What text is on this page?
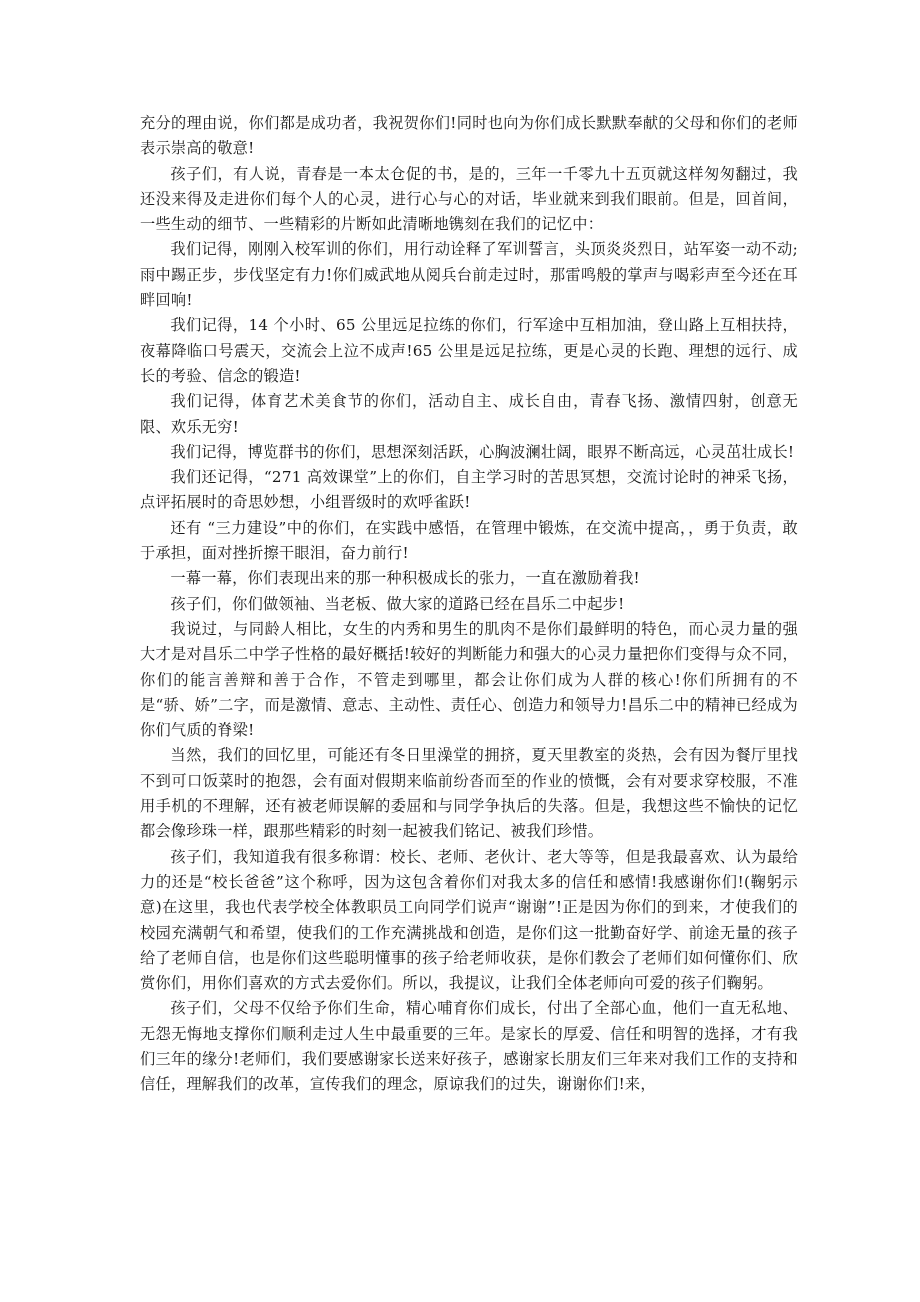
充分的理由说，你们都是成功者，我祝贺你们!同时也向为你们成长默默奉献的父母和你们的老师表示崇高的敬意!

孩子们，有人说，青春是一本太仓促的书，是的，三年一千零九十五页就这样匆匆翻过，我还没来得及走进你们每个人的心灵，进行心与心的对话，毕业就来到我们眼前。但是，回首间，一些生动的细节、一些精彩的片断如此清晰地镌刻在我们的记忆中：

我们记得，刚刚入校军训的你们，用行动诠释了军训誓言，头顶炎炎烈日，站军姿一动不动;雨中踢正步，步伐坚定有力!你们威武地从阅兵台前走过时，那雷鸣般的掌声与喝彩声至今还在耳畔回响!

我们记得，14 个小时、65 公里远足拉练的你们，行军途中互相加油，登山路上互相扶持，夜幕降临口号震天，交流会上泣不成声!65 公里是远足拉练，更是心灵的长跑、理想的远行、成长的考验、信念的锻造!

我们记得，体育艺术美食节的你们，活动自主、成长自由，青春飞扬、激情四射，创意无限、欢乐无穷!

我们记得，博览群书的你们，思想深刻活跃，心胸波澜壮阔，眼界不断高远，心灵茁壮成长!

我们还记得，“271 高效课堂”上的你们，自主学习时的苦思冥想，交流讨论时的神采飞扬，点评拓展时的奇思妙想，小组晋级时的欢呼雀跃!

还有 “三力建设”中的你们，在实践中感悟，在管理中锻炼，在交流中提高，，勇于负责，敢于承担，面对挫折擦干眼泪，奋力前行!

一幕一幕，你们表现出来的那一种积极成长的张力，一直在激励着我!

孩子们，你们做领袖、当老板、做大家的道路已经在昌乐二中起步!

我说过，与同龄人相比，女生的内秀和男生的肌肉不是你们最鲜明的特色，而心灵力量的强大才是对昌乐二中学子性格的最好概括!较好的判断能力和强大的心灵力量把你们变得与众不同，你们的能言善辩和善于合作，不管走到哪里，都会让你们成为人群的核心!你们所拥有的不是“骄、娇”二字，而是激情、意志、主动性、责任心、创造力和领导力!昌乐二中的精神已经成为你们气质的脊梁!

当然，我们的回忆里，可能还有冬日里澡堂的拥挤，夏天里教室的炎热，会有因为餐厅里找不到可口饭菜时的抱怨，会有面对假期来临前纷沓而至的作业的愤慨，会有对要求穿校服，不准用手机的不理解，还有被老师误解的委屈和与同学争执后的失落。但是，我想这些不愉快的记忆都会像珍珠一样，跟那些精彩的时刻一起被我们铭记、被我们珍惜。

孩子们，我知道我有很多称谓：校长、老师、老伙计、老大等等，但是我最喜欢、认为最给力的还是“校长爸爸”这个称呼，因为这包含着你们对我太多的信任和感情!我感谢你们!(鞠躬示意)在这里，我也代表学校全体教职员工向同学们说声“谢谢”!正是因为你们的到来，才使我们的校园充满朝气和希望，使我们的工作充满挑战和创造，是你们这一批勤奋好学、前途无量的孩子给了老师自信，也是你们这些聪明懂事的孩子给老师收获，是你们教会了老师们如何懂你们、欣赏你们，用你们喜欢的方式去爱你们。所以，我提议，让我们全体老师向可爱的孩子们鞠躬。

孩子们，父母不仅给予你们生命，精心哺育你们成长，付出了全部心血，他们一直无私地、无怨无悔地支撑你们顺利走过人生中最重要的三年。是家长的厚爱、信任和明智的选择，才有我们三年的缘分!老师们，我们要感谢家长送来好孩子，感谢家长朋友们三年来对我们工作的支持和信任，理解我们的改革，宣传我们的理念，原谅我们的过失，谢谢你们!来，
